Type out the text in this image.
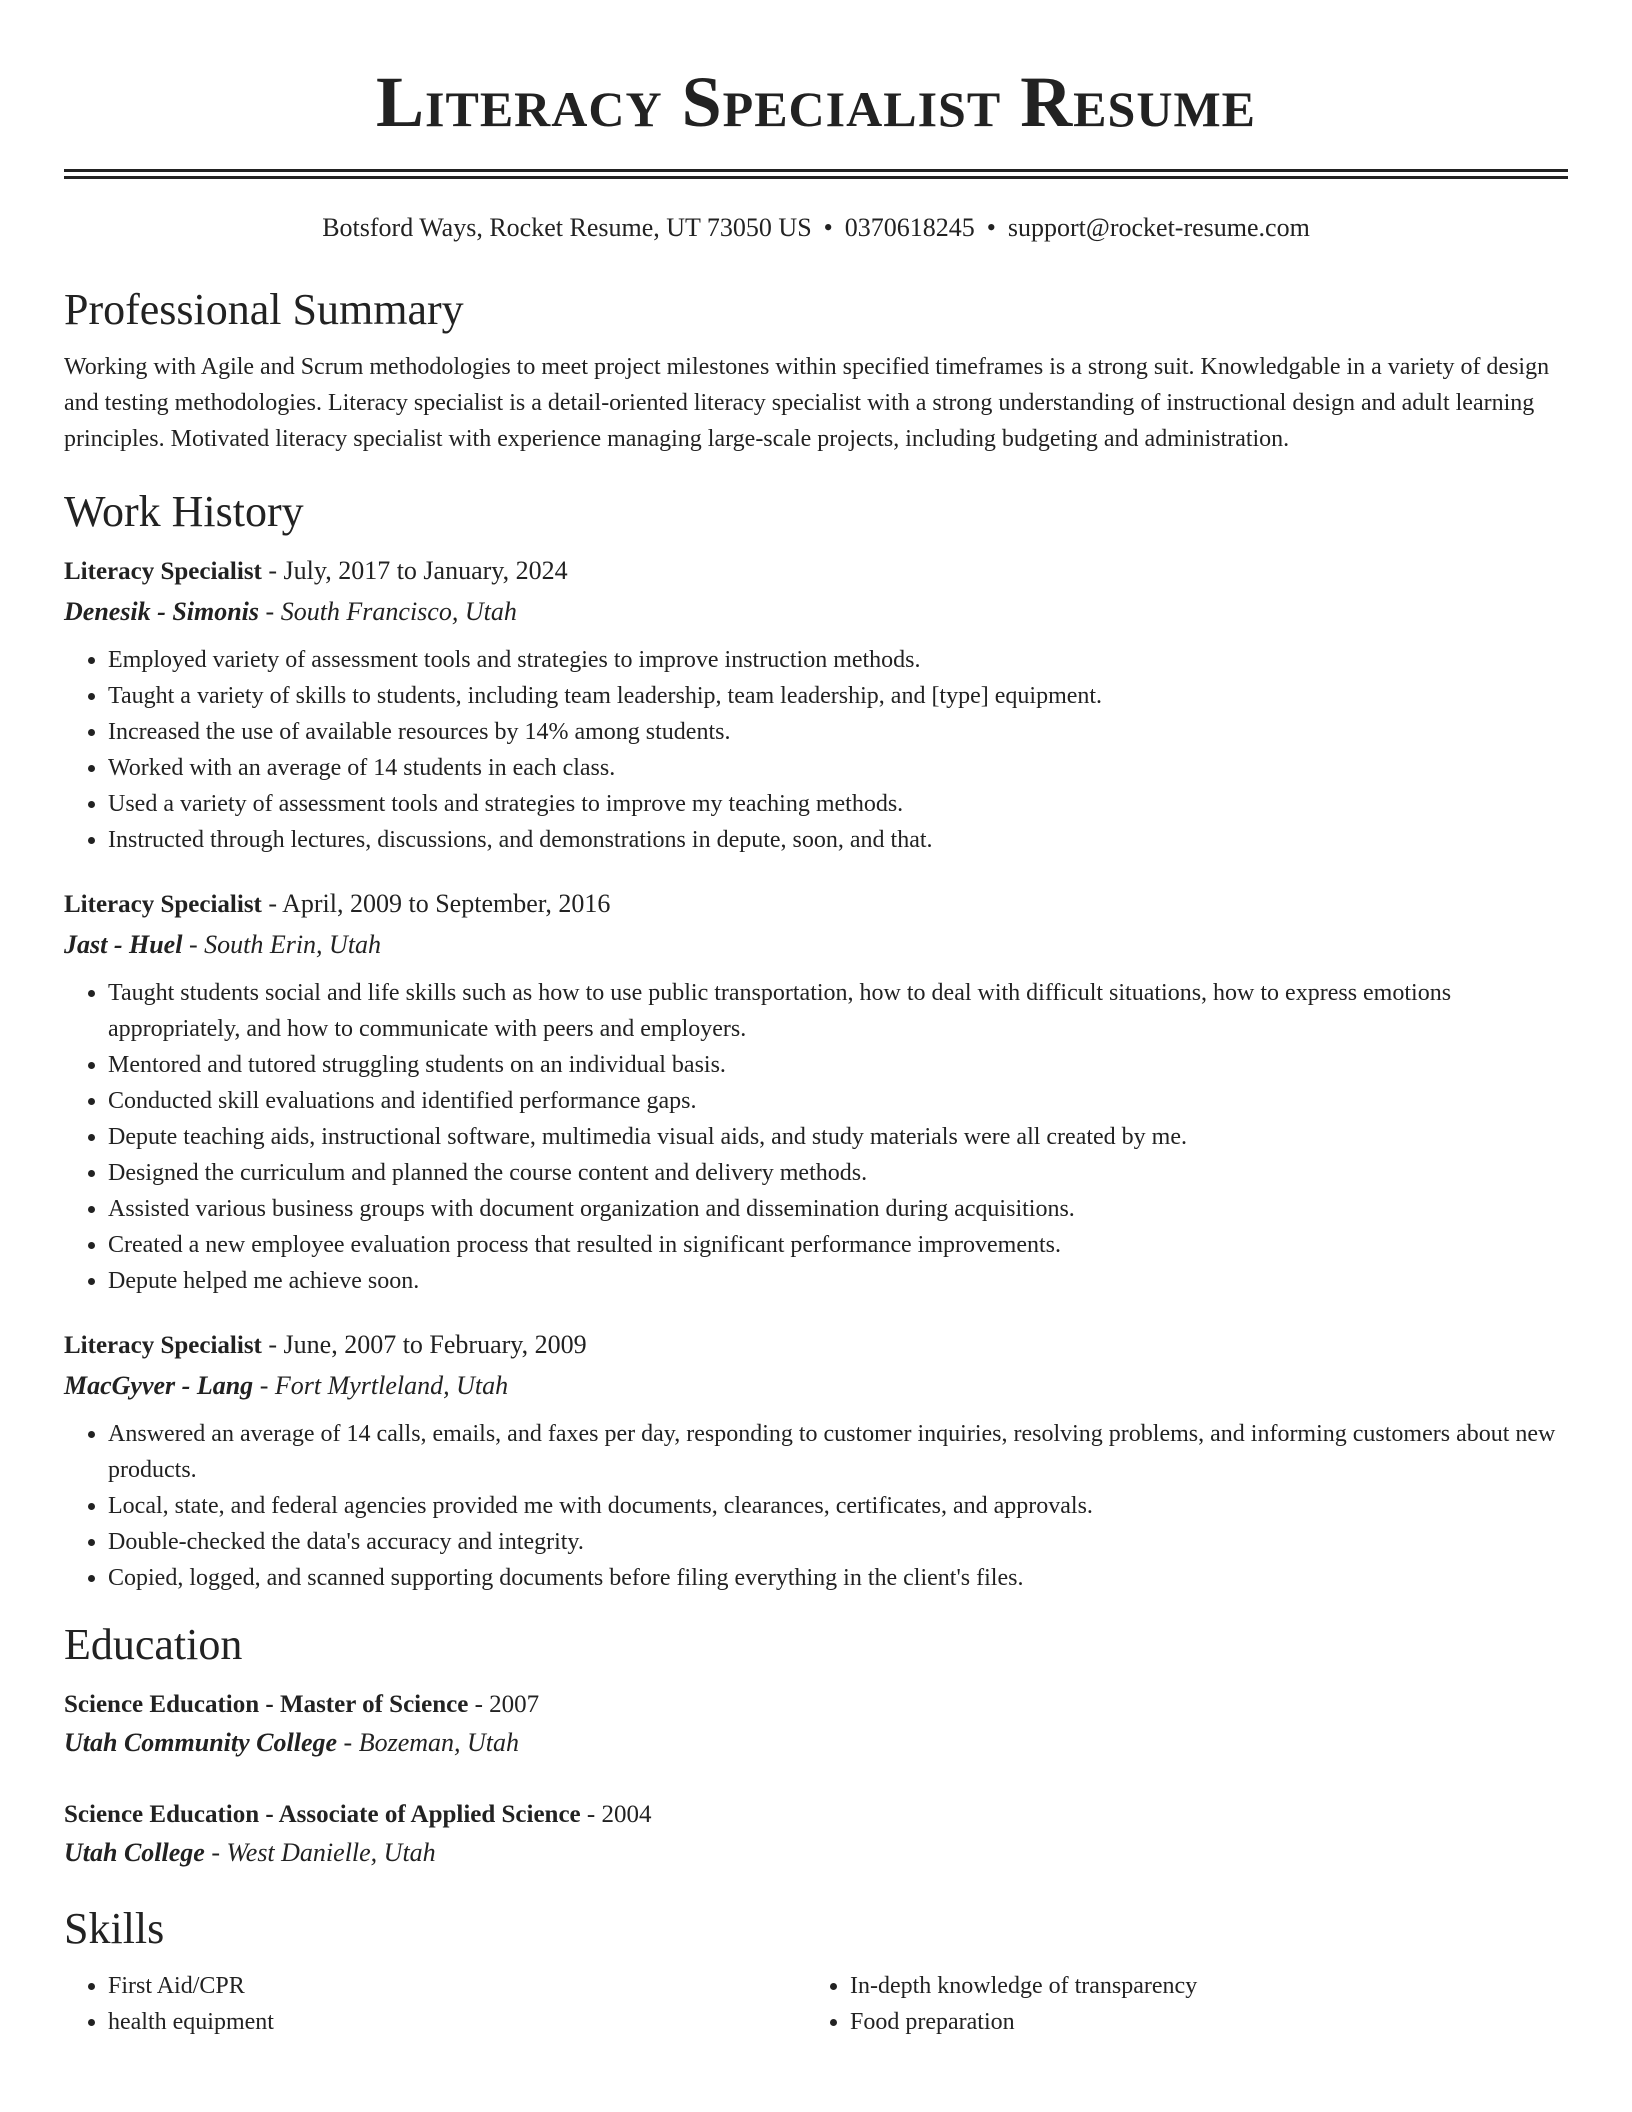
Literacy Specialist Resume
Botsford Ways, Rocket Resume, UT 73050 US • 0370618245 • support@rocket-resume.com
Professional Summary

Working with Agile and Scrum methodologies to meet project milestones within specified timeframes is a strong suit. Knowledgable in a variety of design and testing methodologies. Literacy specialist is a detail-oriented literacy specialist with a strong understanding of instructional design and adult learning principles. Motivated literacy specialist with experience managing large-scale projects, including budgeting and administration.

Work History
Literacy Specialist - July, 2017 to January, 2024
Denesik - Simonis - South Francisco, Utah
• Employed variety of assessment tools and strategies to improve instruction methods.
• Taught a variety of skills to students, including team leadership, team leadership, and [type] equipment.
• Increased the use of available resources by 14% among students.
• Worked with an average of 14 students in each class.
• Used a variety of assessment tools and strategies to improve my teaching methods.
• Instructed through lectures, discussions, and demonstrations in depute, soon, and that.
Literacy Specialist - April, 2009 to September, 2016
Jast - Huel - South Erin, Utah
• Taught students social and life skills such as how to use public transportation, how to deal with difficult situations, how to express emotions appropriately, and how to communicate with peers and employers.
• Mentored and tutored struggling students on an individual basis.
• Conducted skill evaluations and identified performance gaps.
• Depute teaching aids, instructional software, multimedia visual aids, and study materials were all created by me.
• Designed the curriculum and planned the course content and delivery methods.
• Assisted various business groups with document organization and dissemination during acquisitions.
• Created a new employee evaluation process that resulted in significant performance improvements.
• Depute helped me achieve soon.
Literacy Specialist - June, 2007 to February, 2009
MacGyver - Lang - Fort Myrtleland, Utah
• Answered an average of 14 calls, emails, and faxes per day, responding to customer inquiries, resolving problems, and informing customers about new products.
• Local, state, and federal agencies provided me with documents, clearances, certificates, and approvals.
• Double-checked the data's accuracy and integrity.
• Copied, logged, and scanned supporting documents before filing everything in the client's files.
Education
Science Education - Master of Science - 2007
Utah Community College - Bozeman, Utah
Science Education - Associate of Applied Science - 2004
Utah College - West Danielle, Utah
Skills
• First Aid/CPR
• health equipment
• In-depth knowledge of transparency
• Food preparation
